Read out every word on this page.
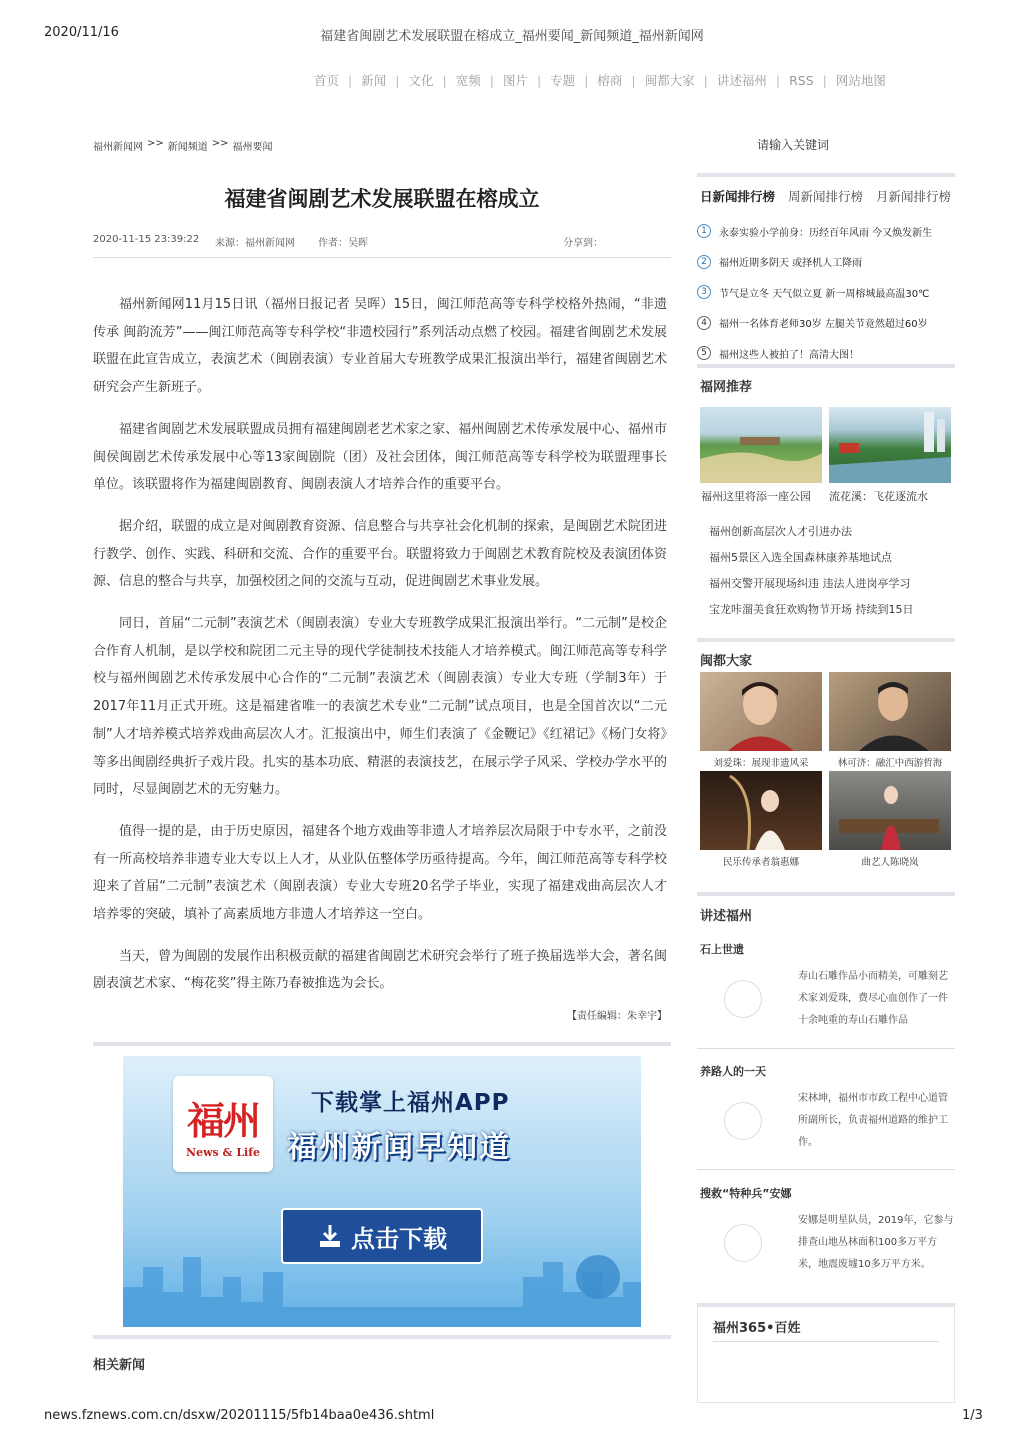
2020/11/16	福建省闽剧艺术发展联盟在榕成立_福州要闻_新闻频道_福州新闻网
首页 | 新闻 | 文化 | 宽频 | 图片 | 专题 | 榕商 | 闽都大家 | 讲述福州 | RSS | 网站地图
福州新闻网 >> 新闻频道 >> 福州要闻	请输入关键词
福建省闽剧艺术发展联盟在榕成立
2020-11-15 23:39:22 来源：福州新闻网 作者：吴晖	分享到：

福州新闻网11月15日讯（福州日报记者 吴晖）15日，闽江师范高等专科学校格外热闹，“非遗传承 闽韵流芳”——闽江师范高等专科学校“非遗校园行”系列活动点燃了校园。福建省闽剧艺术发展联盟在此宣告成立，表演艺术（闽剧表演）专业首届大专班教学成果汇报演出举行，福建省闽剧艺术研究会产生新班子。

福建省闽剧艺术发展联盟成员拥有福建闽剧老艺术家之家、福州闽剧艺术传承发展中心、福州市闽侯闽剧艺术传承发展中心等13家闽剧院（团）及社会团体，闽江师范高等专科学校为联盟理事长单位。该联盟将作为福建闽剧教育、闽剧表演人才培养合作的重要平台。

据介绍，联盟的成立是对闽剧教育资源、信息整合与共享社会化机制的探索，是闽剧艺术院团进行教学、创作、实践、科研和交流、合作的重要平台。联盟将致力于闽剧艺术教育院校及表演团体资源、信息的整合与共享，加强校团之间的交流与互动，促进闽剧艺术事业发展。

同日，首届“二元制”表演艺术（闽剧表演）专业大专班教学成果汇报演出举行。“二元制”是校企合作育人机制，是以学校和院团二元主导的现代学徒制技术技能人才培养模式。闽江师范高等专科学校与福州闽剧艺术传承发展中心合作的“二元制”表演艺术（闽剧表演）专业大专班（学制3年）于2017年11月正式开班。这是福建省唯一的表演艺术专业“二元制”试点项目，也是全国首次以“二元制”人才培养模式培养戏曲高层次人才。汇报演出中，师生们表演了《金鞭记》《红裙记》《杨门女将》等多出闽剧经典折子戏片段。扎实的基本功底、精湛的表演技艺，在展示学子风采、学校办学水平的同时，尽显闽剧艺术的无穷魅力。

值得一提的是，由于历史原因，福建各个地方戏曲等非遗人才培养层次局限于中专水平，之前没有一所高校培养非遗专业大专以上人才，从业队伍整体学历亟待提高。今年，闽江师范高等专科学校迎来了首届“二元制”表演艺术（闽剧表演）专业大专班20名学子毕业，实现了福建戏曲高层次人才培养零的突破，填补了高素质地方非遗人才培养这一空白。

当天，曾为闽剧的发展作出积极贡献的福建省闽剧艺术研究会举行了班子换届选举大会，著名闽剧表演艺术家、“梅花奖”得主陈乃春被推选为会长。

【责任编辑：朱幸宇】
福州
News & Life
下载掌上福州APP
福州新闻早知道
点击下载
相关新闻
日新闻排行榜 周新闻排行榜 月新闻排行榜
1	永泰实验小学前身：历经百年风雨 今又焕发新生
2	福州近期多阴天 或择机人工降雨
3	节气是立冬 天气似立夏 新一周榕城最高温30℃
4	福州一名体育老师30岁 左腿关节竟然超过60岁
5	福州这些人被拍了！高清大图！
福网推荐
福州这里将添一座公园 流花溪：飞花逐流水
福州创新高层次人才引进办法
福州5景区入选全国森林康养基地试点
福州交警开展现场纠违 违法人进岗亭学习
宝龙咔溜美食狂欢购物节开场 持续到15日
闽都大家
刘爱珠：展现非遗风采	林可济：融汇中西游哲海
民乐传承者翁惠娜	曲艺人陈晓岚
讲述福州
石上世遗
寿山石雕作品小而精美，可雕刻艺术家刘爱珠，费尽心血创作了一件十余吨重的寿山石雕作品
养路人的一天
宋林坤，福州市市政工程中心道管所副所长，负责福州道路的维护工作。
搜救“特种兵”安娜
安娜是明星队员，2019年，它参与排查山地丛林面积100多万平方米，地震废墟10多万平方米。
福州365•百姓
news.fznews.com.cn/dsxw/20201115/5fb14baa0e436.shtml	1/3
